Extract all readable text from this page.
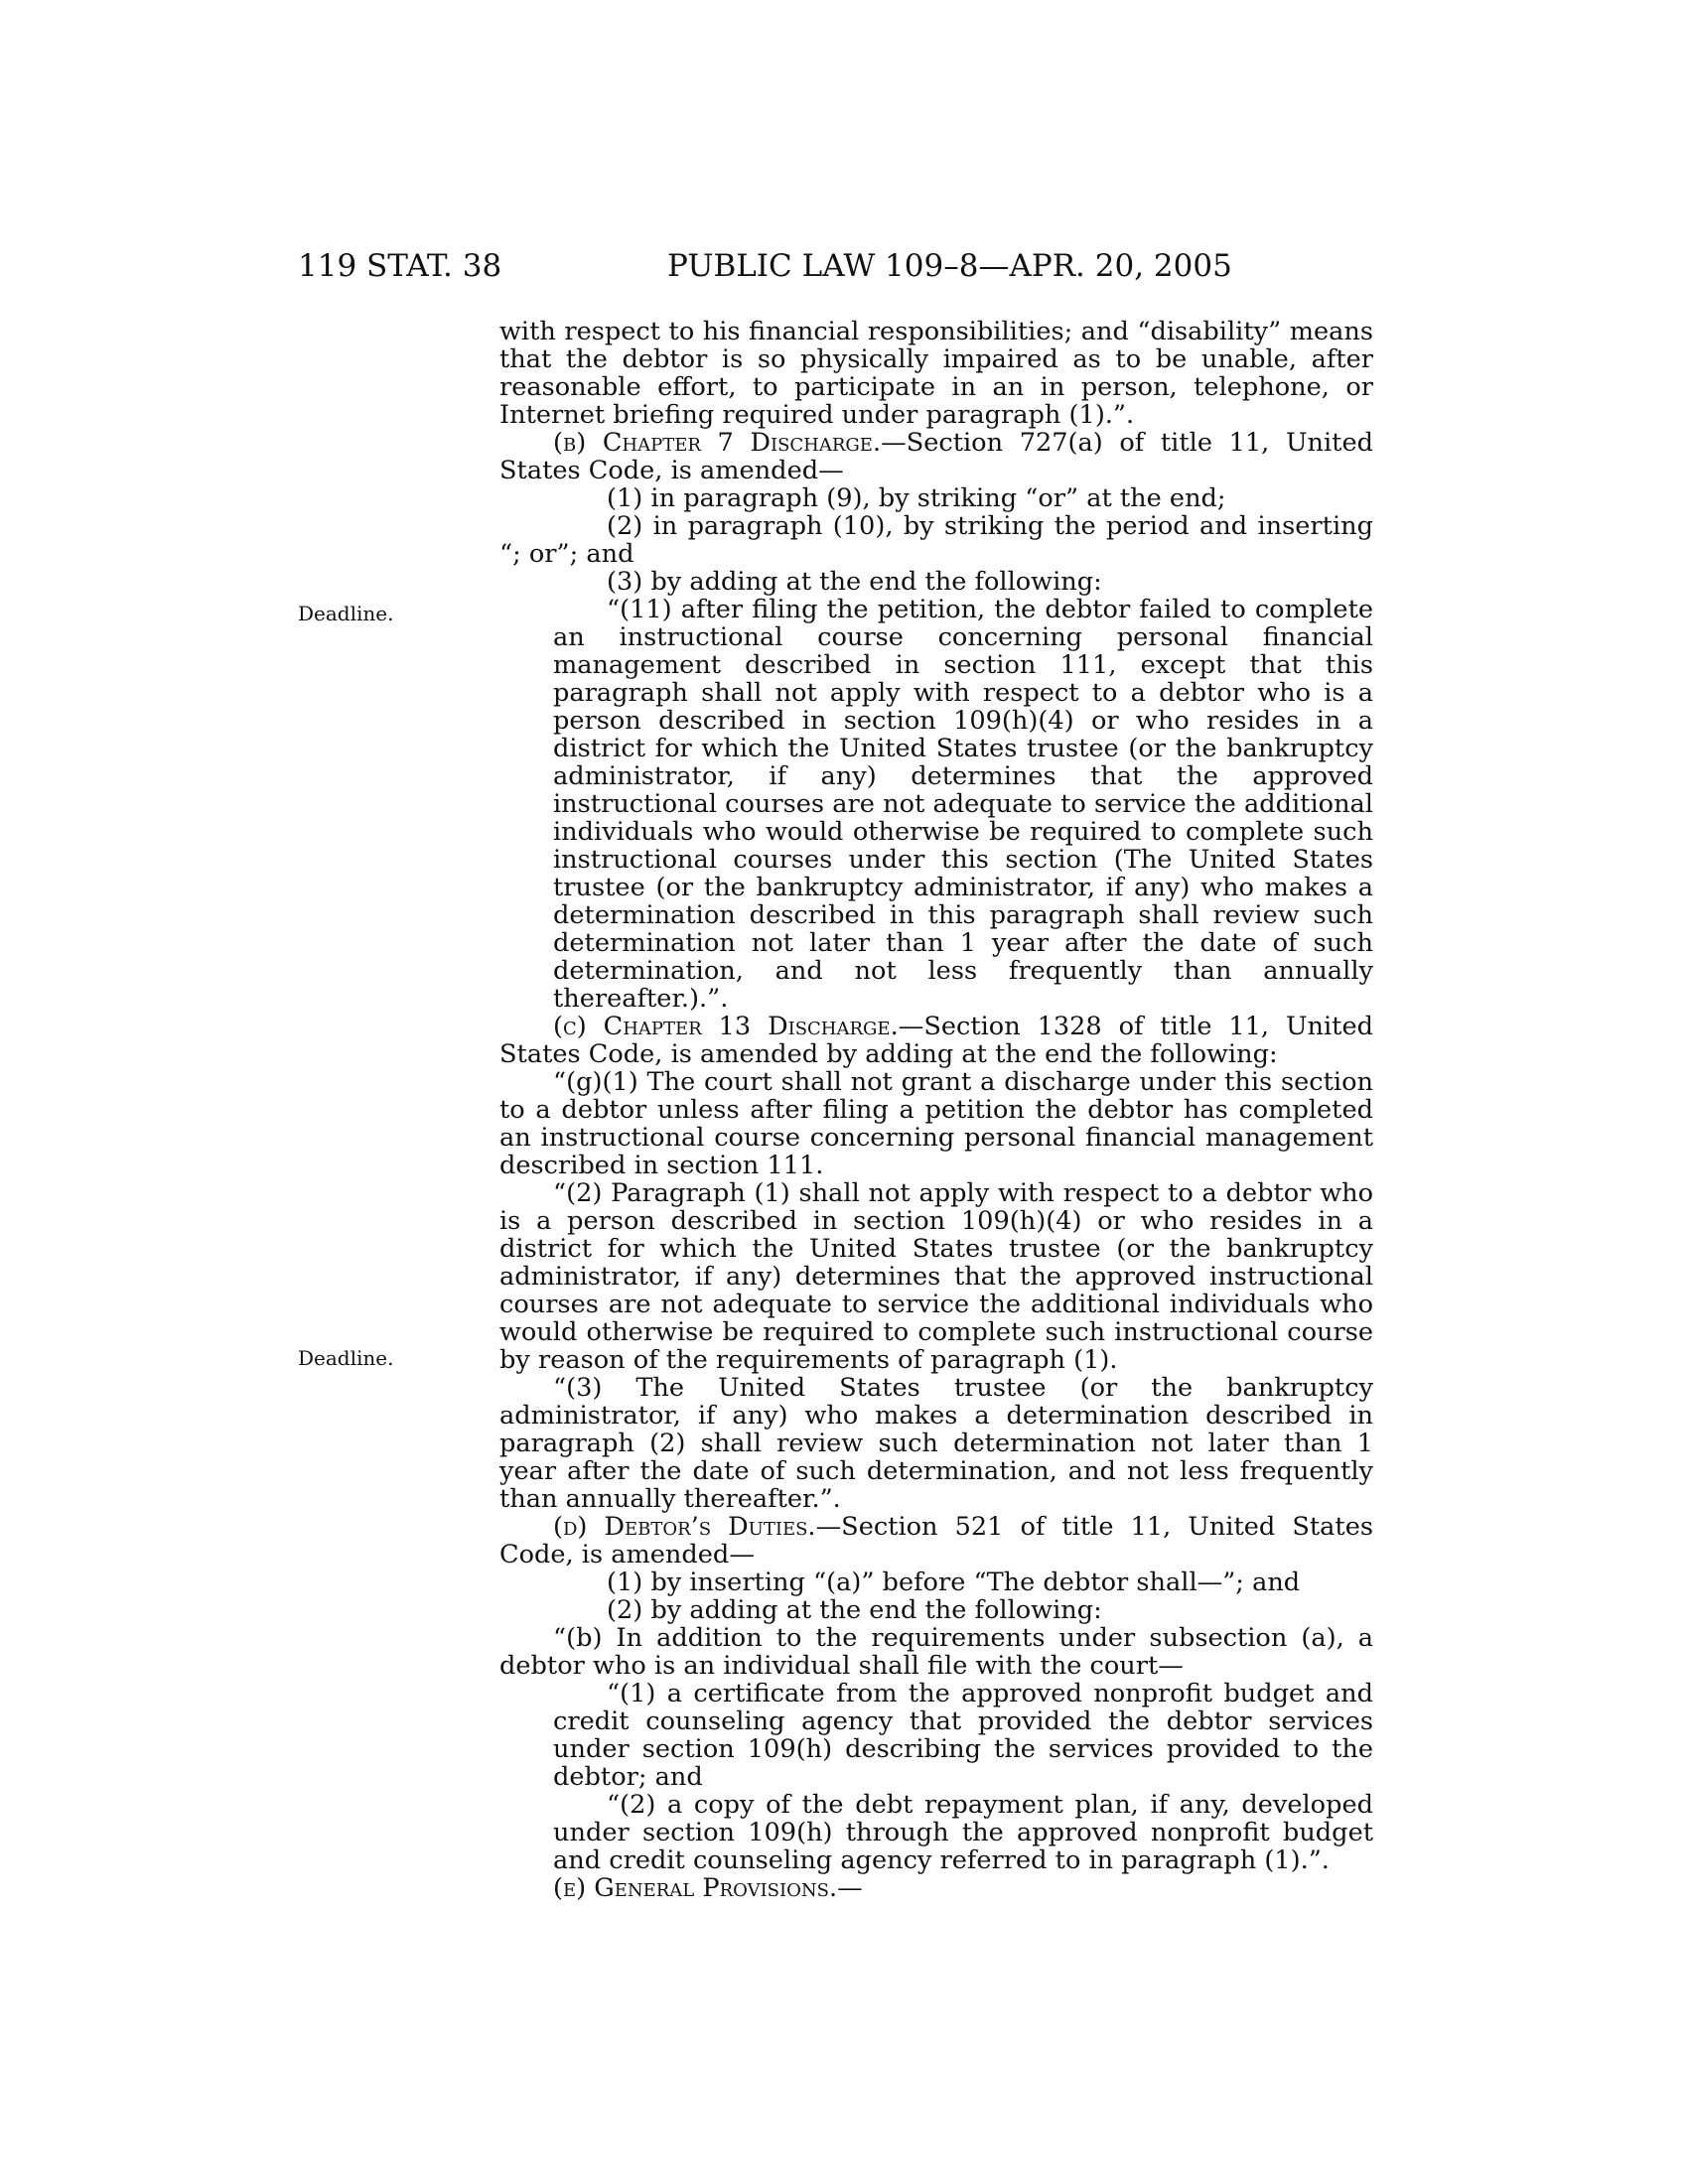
119 STAT. 38	PUBLIC LAW 109–8—APR. 20, 2005
Deadline.
Deadline.

with respect to his financial responsibilities; and “disability” means that the debtor is so physically impaired as to be unable, after reasonable effort, to participate in an in person, telephone, or Internet briefing required under paragraph (1).”.

(b) Chapter 7 Discharge.—Section 727(a) of title 11, United States Code, is amended—

(1) in paragraph (9), by striking “or” at the end;

(2) in paragraph (10), by striking the period and inserting “; or”; and

(3) by adding at the end the following:

“(11) after filing the petition, the debtor failed to complete an instructional course concerning personal financial management described in section 111, except that this paragraph shall not apply with respect to a debtor who is a person described in section 109(h)(4) or who resides in a district for which the United States trustee (or the bankruptcy administrator, if any) determines that the approved instructional courses are not adequate to service the additional individuals who would otherwise be required to complete such instructional courses under this section (The United States trustee (or the bankruptcy administrator, if any) who makes a determination described in this paragraph shall review such determination not later than 1 year after the date of such determination, and not less frequently than annually thereafter.).”.

(c) Chapter 13 Discharge.—Section 1328 of title 11, United States Code, is amended by adding at the end the following:

“(g)(1) The court shall not grant a discharge under this section to a debtor unless after filing a petition the debtor has completed an instructional course concerning personal financial management described in section 111.

“(2) Paragraph (1) shall not apply with respect to a debtor who is a person described in section 109(h)(4) or who resides in a district for which the United States trustee (or the bankruptcy administrator, if any) determines that the approved instructional courses are not adequate to service the additional individuals who would otherwise be required to complete such instructional course by reason of the requirements of paragraph (1).

“(3) The United States trustee (or the bankruptcy administrator, if any) who makes a determination described in paragraph (2) shall review such determination not later than 1 year after the date of such determination, and not less frequently than annually thereafter.”.

(d) Debtor’s Duties.—Section 521 of title 11, United States Code, is amended—

(1) by inserting “(a)” before “The debtor shall—”; and

(2) by adding at the end the following:

“(b) In addition to the requirements under subsection (a), a debtor who is an individual shall file with the court—

“(1) a certificate from the approved nonprofit budget and credit counseling agency that provided the debtor services under section 109(h) describing the services provided to the debtor; and

“(2) a copy of the debt repayment plan, if any, developed under section 109(h) through the approved nonprofit budget and credit counseling agency referred to in paragraph (1).”.

(e) General Provisions.—
